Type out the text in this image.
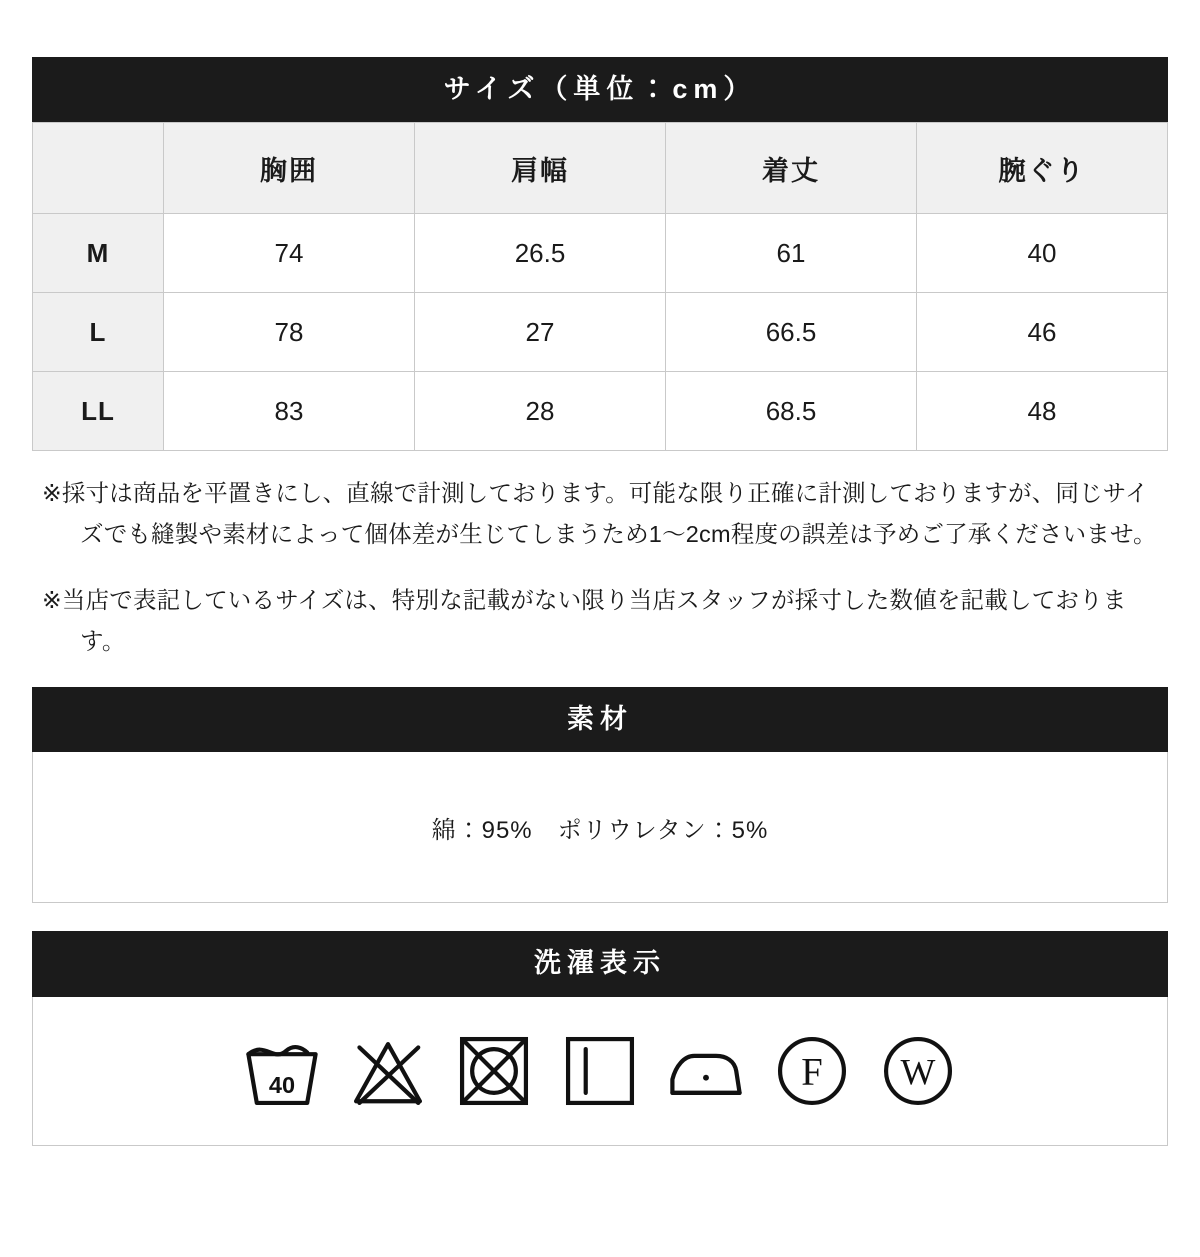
サイズ（単位：cm）
	胸囲	肩幅	着丈	腕ぐり
M	74	26.5	61	40
L	78	27	66.5	46
LL	83	28	68.5	48

※採寸は商品を平置きにし、直線で計測しております。可能な限り正確に計測しておりますが、同じサイズでも縫製や素材によって個体差が生じてしまうため1〜2cm程度の誤差は予めご了承くださいませ。

※当店で表記しているサイズは、特別な記載がない限り当店スタッフが採寸した数値を記載しております。

素材
綿：95%　ポリウレタン：5%
洗濯表示
40	F W
